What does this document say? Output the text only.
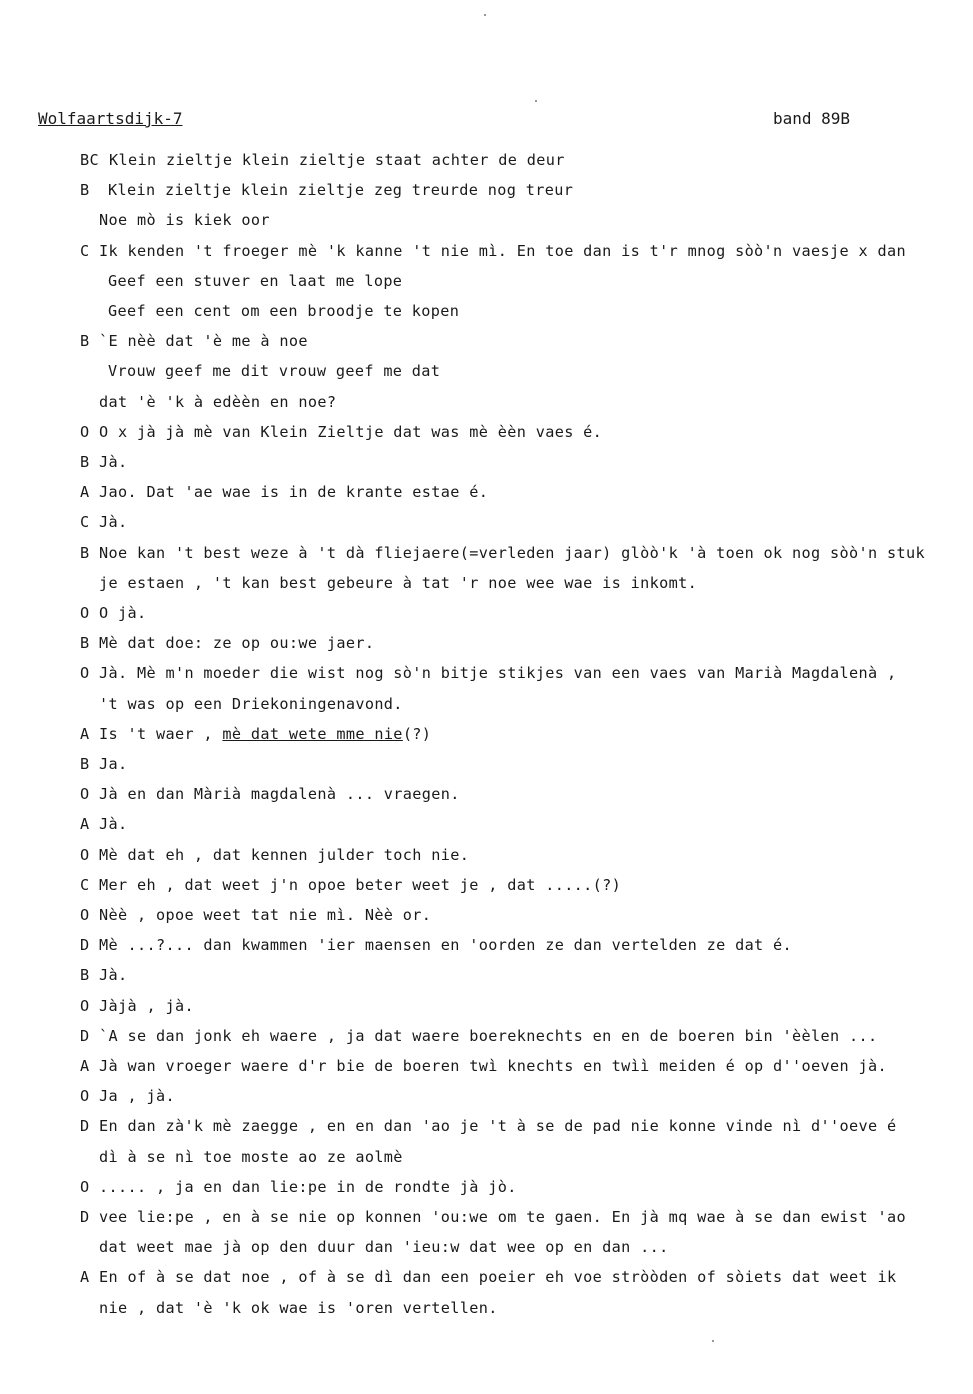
Wolfaartsdijk-7	band 89B
BC Klein zieltje klein zieltje staat achter de deur
B Klein zieltje klein zieltje zeg treurde nog treur
Noe mò is kiek oor
C Ik kenden 't froeger mè 'k kanne 't nie mì. En toe dan is t'r mnog sòò'n vaesje x dan
Geef een stuver en laat me lope
Geef een cent om een broodje te kopen
B `E nèè dat 'è me à noe
Vrouw geef me dit vrouw geef me dat
dat 'è 'k à edèèn en noe?
O O x jà jà mè van Klein Zieltje dat was mè èèn vaes é.
B Jà.
A Jao. Dat 'ae wae is in de krante estae é.
C Jà.
B Noe kan 't best weze à 't dà fliejaere(=verleden jaar) glòò'k 'à toen ok nog sòò'n stuk
je estaen , 't kan best gebeure à tat 'r noe wee wae is inkomt.
O O jà.
B Mè dat doe: ze op ou:we jaer.
O Jà. Mè m'n moeder die wist nog sò'n bitje stikjes van een vaes van Marià Magdalenà ,
't was op een Driekoningenavond.
A Is 't waer , mè dat wete mme nie(?)
B Ja.
O Jà en dan Màrià magdalenà ... vraegen.
A Jà.
O Mè dat eh , dat kennen julder toch nie.
C Mer eh , dat weet j'n opoe beter weet je , dat .....(?)
O Nèè , opoe weet tat nie mì. Nèè or.
D Mè ...?... dan kwammen 'ier maensen en 'oorden ze dan vertelden ze dat é.
B Jà.
O Jàjà , jà.
D `A se dan jonk eh waere , ja dat waere boereknechts en en de boeren bin 'èèlen ...
A Jà wan vroeger waere d'r bie de boeren twì knechts en twìì meiden é op d''oeven jà.
O Ja , jà.
D En dan zà'k mè zaegge , en en dan 'ao je 't à se de pad nie konne vinde nì d''oeve é
dì à se nì toe moste ao ze aolmè
O ..... , ja en dan lie:pe in de rondte jà jò.
D vee lie:pe , en à se nie op konnen 'ou:we om te gaen. En jà mq wae à se dan ewist 'ao
dat weet mae jà op den duur dan 'ieu:w dat wee op en dan ...
A En of à se dat noe , of à se dì dan een poeier eh voe stròòden of sòiets dat weet ik
nie , dat 'è 'k ok wae is 'oren vertellen.
